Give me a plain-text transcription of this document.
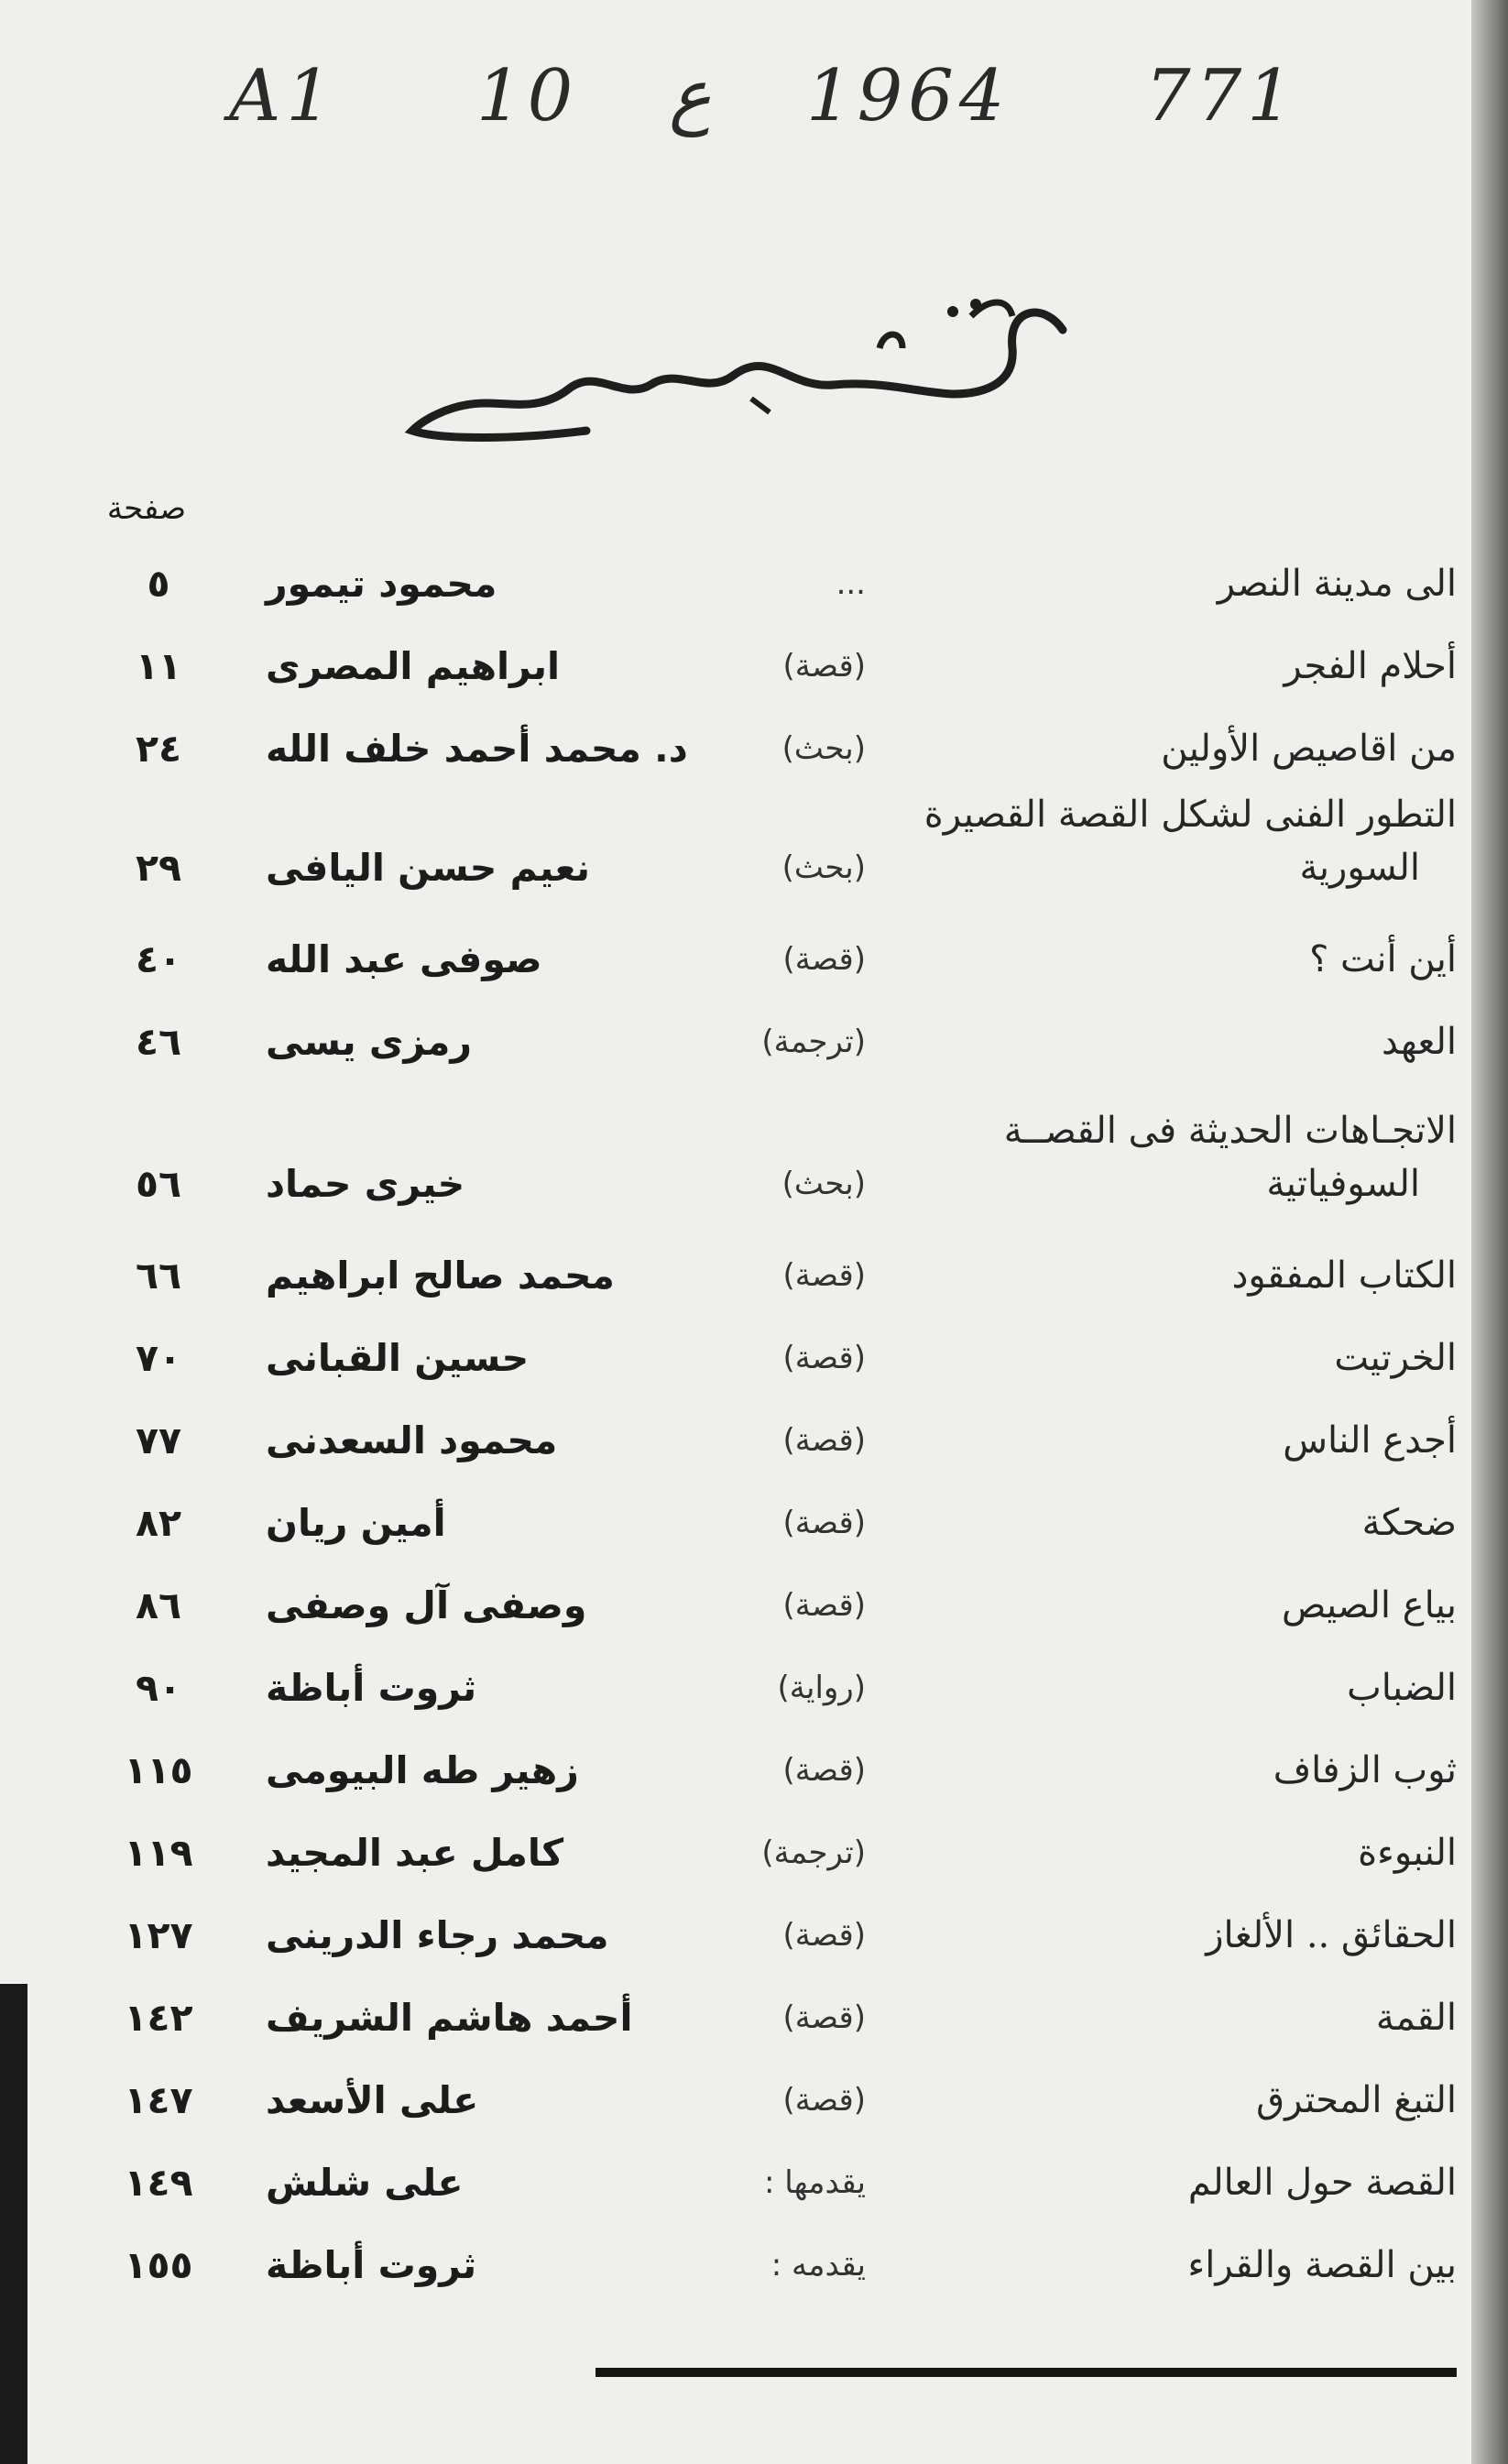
A1 10 ع 1964 771
صفحة
الى مدينة النصر
...
محمود تيمور
٥
أحلام الفجر
(قصة)
ابراهيم المصرى
١١
من اقاصيص الأولين
(بحث)
د. محمد أحمد خلف الله
٢٤
التطور الفنى لشكل القصة القصيرة
السورية
(بحث)
نعيم حسن اليافى
٢٩
أين أنت ؟
(قصة)
صوفى عبد الله
٤٠
العهد
(ترجمة)
رمزى يسى
٤٦
الاتجـاهات الحديثة فى القصــة
السوفياتية
(بحث)
خيرى حماد
٥٦
الكتاب المفقود
(قصة)
محمد صالح ابراهيم
٦٦
الخرتيت
(قصة)
حسين القبانى
٧٠
أجدع الناس
(قصة)
محمود السعدنى
٧٧
ضحكة
(قصة)
أمين ريان
٨٢
بياع الصيص
(قصة)
وصفى آل وصفى
٨٦
الضباب
(رواية)
ثروت أباظة
٩٠
ثوب الزفاف
(قصة)
زهير طه البيومى
١١٥
النبوءة
(ترجمة)
كامل عبد المجيد
١١٩
الحقائق .. الألغاز
(قصة)
محمد رجاء الدرينى
١٢٧
القمة
(قصة)
أحمد هاشم الشريف
١٤٢
التبغ المحترق
(قصة)
على الأسعد
١٤٧
القصة حول العالم
يقدمها :
على شلش
١٤٩
بين القصة والقراء
يقدمه :
ثروت أباظة
١٥٥
